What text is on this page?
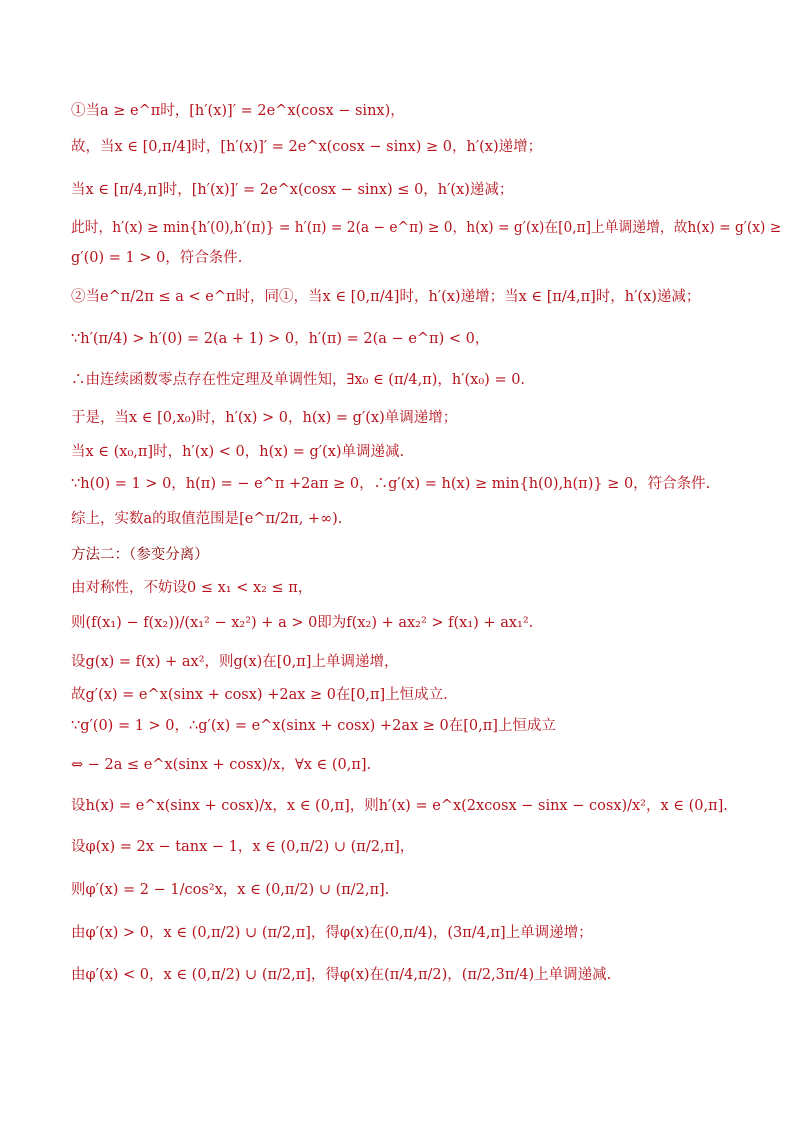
①当a ≥ e^π时，[h′(x)]′ = 2e^x(cosx − sinx)，
故，当x ∈ [0,π/4]时，[h′(x)]′ = 2e^x(cosx − sinx) ≥ 0，h′(x)递增；
当x ∈ [π/4,π]时，[h′(x)]′ = 2e^x(cosx − sinx) ≤ 0，h′(x)递减；
此时，h′(x) ≥ min{h′(0),h′(π)} = h′(π) = 2(a − e^π) ≥ 0，h(x) = g′(x)在[0,π]上单调递增，故h(x) = g′(x) ≥
g′(0) = 1 > 0，符合条件.
②当e^π/2π ≤ a < e^π时，同①，当x ∈ [0,π/4]时，h′(x)递增；当x ∈ [π/4,π]时，h′(x)递减；
∵h′(π/4) > h′(0) = 2(a + 1) > 0，h′(π) = 2(a − e^π) < 0，
∴由连续函数零点存在性定理及单调性知，∃x₀ ∈ (π/4,π)，h′(x₀) = 0.
于是，当x ∈ [0,x₀)时，h′(x) > 0，h(x) = g′(x)单调递增；
当x ∈ (x₀,π]时，h′(x) < 0，h(x) = g′(x)单调递减.
∵h(0) = 1 > 0，h(π) = − e^π +2aπ ≥ 0，∴g′(x) = h(x) ≥ min{h(0),h(π)} ≥ 0，符合条件.
综上，实数a的取值范围是[e^π/2π, +∞).
方法二：（参变分离）
由对称性，不妨设0 ≤ x₁ < x₂ ≤ π，
则(f(x₁) − f(x₂))/(x₁² − x₂²) + a > 0即为f(x₂) + ax₂² > f(x₁) + ax₁².
设g(x) = f(x) + ax²，则g(x)在[0,π]上单调递增，
故g′(x) = e^x(sinx + cosx) +2ax ≥ 0在[0,π]上恒成立.
∵g′(0) = 1 > 0，∴g′(x) = e^x(sinx + cosx) +2ax ≥ 0在[0,π]上恒成立
⇔ − 2a ≤ e^x(sinx + cosx)/x，∀x ∈ (0,π].
设h(x) = e^x(sinx + cosx)/x，x ∈ (0,π]，则h′(x) = e^x(2xcosx − sinx − cosx)/x²，x ∈ (0,π].
设φ(x) = 2x − tanx − 1，x ∈ (0,π/2) ∪ (π/2,π]，
则φ′(x) = 2 − 1/cos²x，x ∈ (0,π/2) ∪ (π/2,π].
由φ′(x) > 0，x ∈ (0,π/2) ∪ (π/2,π]，得φ(x)在(0,π/4)，(3π/4,π]上单调递增；
由φ′(x) < 0，x ∈ (0,π/2) ∪ (π/2,π]，得φ(x)在(π/4,π/2)，(π/2,3π/4)上单调递减.
